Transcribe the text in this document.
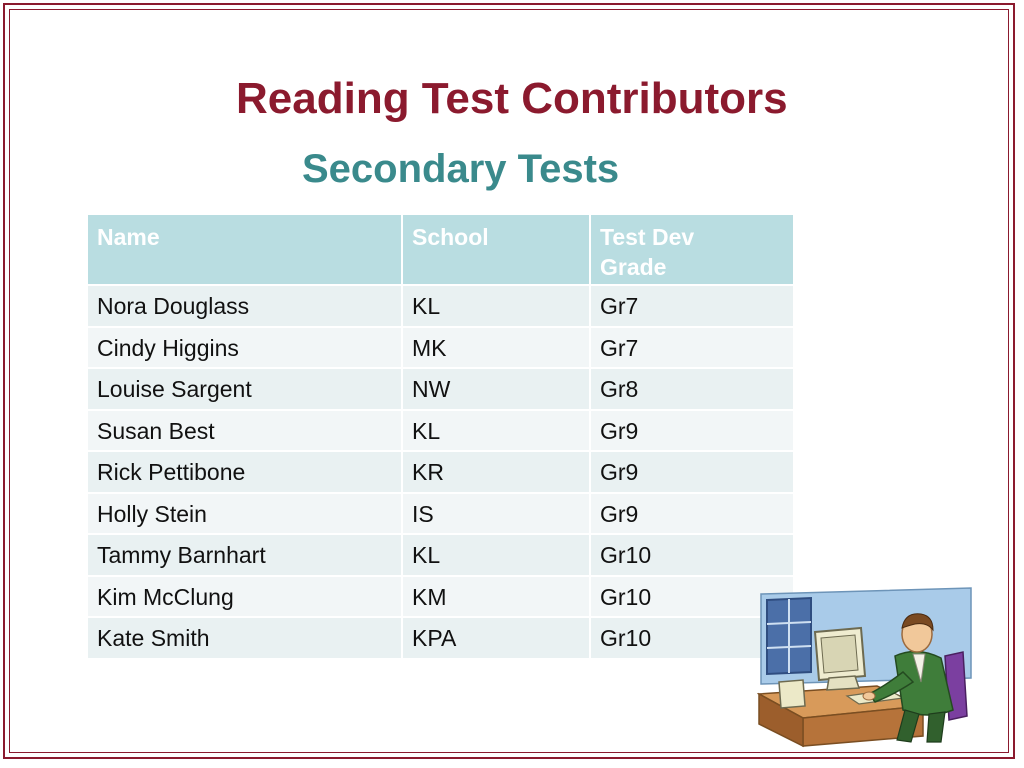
Reading Test Contributors
Secondary Tests
Name	School	Test Dev Grade
Nora Douglass	KL	Gr7
Cindy Higgins	MK	Gr7
Louise Sargent	NW	Gr8
Susan Best	KL	Gr9
Rick Pettibone	KR	Gr9
Holly Stein	IS	Gr9
Tammy Barnhart	KL	Gr10
Kim McClung	KM	Gr10
Kate Smith	KPA	Gr10
